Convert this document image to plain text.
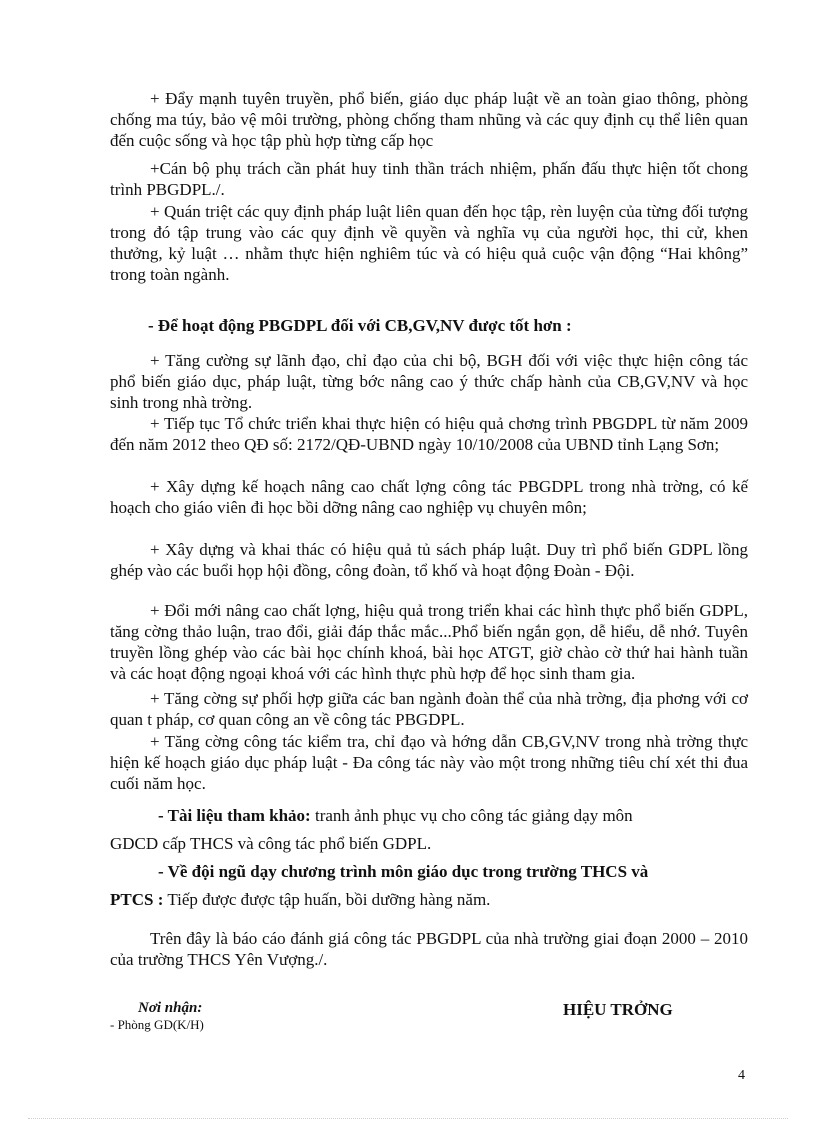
+ Đẩy mạnh tuyên truyền, phổ biến, giáo dục pháp luật về an toàn giao thông, phòng chống ma túy, bảo vệ môi trường, phòng chống tham nhũng và các quy định cụ thể liên quan đến cuộc sống và học tập phù hợp từng cấp học

+Cán bộ phụ trách cần phát huy tinh thần trách nhiệm, phấn đấu thực hiện tốt chong trình PBGDPL./.

+ Quán triệt các quy định pháp luật liên quan đến học tập, rèn luyện của từng đối tượng trong đó tập trung vào các quy định về quyền và nghĩa vụ của người học, thi cử, khen thưởng, kỷ luật … nhằm thực hiện nghiêm túc và có hiệu quả cuộc vận động “Hai không” trong toàn ngành.

- Để hoạt động PBGDPL đối với CB,GV,NV được tốt hơn :

+ Tăng cường sự lãnh đạo, chỉ đạo của chi bộ, BGH đối với việc thực hiện công tác phổ biến giáo dục, pháp luật, từng bớc nâng cao ý thức chấp hành của CB,GV,NV và học sinh trong nhà trờng.

+ Tiếp tục Tổ chức triển khai thực hiện có hiệu quả chơng trình PBGDPL từ năm 2009 đến năm 2012 theo QĐ số: 2172/QĐ-UBND ngày 10/10/2008 của UBND tỉnh Lạng Sơn;

+ Xây dựng kế hoạch nâng cao chất lợng công tác PBGDPL trong nhà trờng, có kế hoạch cho giáo viên đi học bồi dỡng nâng cao nghiệp vụ chuyên môn;

+ Xây dựng và khai thác có hiệu quả tủ sách pháp luật. Duy trì phổ biến GDPL lồng ghép vào các buổi họp hội đồng, công đoàn, tổ khố và hoạt động Đoàn - Đội.

+ Đổi mới nâng cao chất lợng, hiệu quả trong triển khai các hình thực phổ biến GDPL, tăng cờng thảo luận, trao đổi, giải đáp thắc mắc...Phổ biến ngắn gọn, dễ hiểu, dễ nhớ. Tuyên truyền lồng ghép vào các bài học chính khoá, bài học ATGT, giờ chào cờ thứ hai hành tuần và các hoạt động ngoại khoá với các hình thực phù hợp để học sinh tham gia.

+ Tăng cờng sự phối hợp giữa các ban ngành đoàn thể của nhà trờng, địa phơng với cơ quan t pháp, cơ quan công an về công tác PBGDPL.

+ Tăng cờng công tác kiểm tra, chỉ đạo và hớng dẫn CB,GV,NV trong nhà trờng thực hiện kế hoạch giáo dục pháp luật - Đa công tác này vào một trong những tiêu chí xét thi đua cuối năm học.

- Tài liệu tham khảo: tranh ảnh phục vụ cho công tác giảng dạy môn
GDCD cấp THCS và công tác phổ biến GDPL.
- Về đội ngũ dạy chương trình môn giáo dục trong trường THCS và
PTCS : Tiếp được được tập huấn, bồi dưỡng hàng năm.

Trên đây là báo cáo đánh giá công tác PBGDPL của nhà trường giai đoạn 2000 – 2010 của trường THCS Yên Vượng./.

Nơi nhận:
- Phòng GD(K/H)
HIỆU TRỞNG
4
